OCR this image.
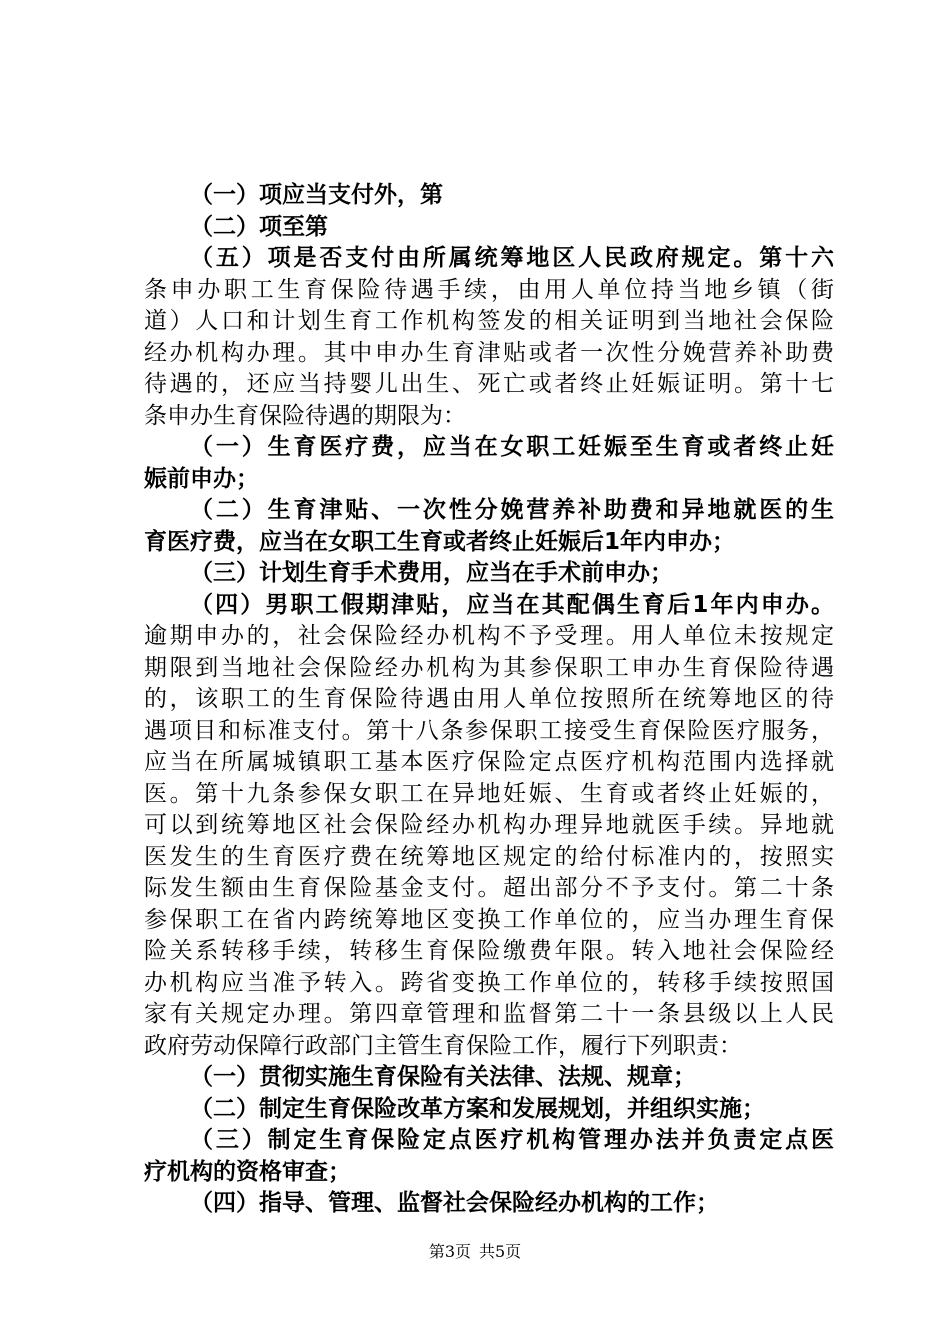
（一）项应当支付外，第
（二）项至第
（五）项是否支付由所属统筹地区人民政府规定。第十六
条申办职工生育保险待遇手续，由用人单位持当地乡镇（街
道）人口和计划生育工作机构签发的相关证明到当地社会保险
经办机构办理。其中申办生育津贴或者一次性分娩营养补助费
待遇的，还应当持婴儿出生、死亡或者终止妊娠证明。第十七
条申办生育保险待遇的期限为：
（一）生育医疗费，应当在女职工妊娠至生育或者终止妊
娠前申办；
（二）生育津贴、一次性分娩营养补助费和异地就医的生
育医疗费，应当在女职工生育或者终止妊娠后1年内申办；
（三）计划生育手术费用，应当在手术前申办；
（四）男职工假期津贴，应当在其配偶生育后1年内申办。
逾期申办的，社会保险经办机构不予受理。用人单位未按规定
期限到当地社会保险经办机构为其参保职工申办生育保险待遇
的，该职工的生育保险待遇由用人单位按照所在统筹地区的待
遇项目和标准支付。第十八条参保职工接受生育保险医疗服务，
应当在所属城镇职工基本医疗保险定点医疗机构范围内选择就
医。第十九条参保女职工在异地妊娠、生育或者终止妊娠的，
可以到统筹地区社会保险经办机构办理异地就医手续。异地就
医发生的生育医疗费在统筹地区规定的给付标准内的，按照实
际发生额由生育保险基金支付。超出部分不予支付。第二十条
参保职工在省内跨统筹地区变换工作单位的，应当办理生育保
险关系转移手续，转移生育保险缴费年限。转入地社会保险经
办机构应当准予转入。跨省变换工作单位的，转移手续按照国
家有关规定办理。第四章管理和监督第二十一条县级以上人民
政府劳动保障行政部门主管生育保险工作，履行下列职责：
（一）贯彻实施生育保险有关法律、法规、规章；
（二）制定生育保险改革方案和发展规划，并组织实施；
（三）制定生育保险定点医疗机构管理办法并负责定点医
疗机构的资格审查；
（四）指导、管理、监督社会保险经办机构的工作；
第3页 共5页
